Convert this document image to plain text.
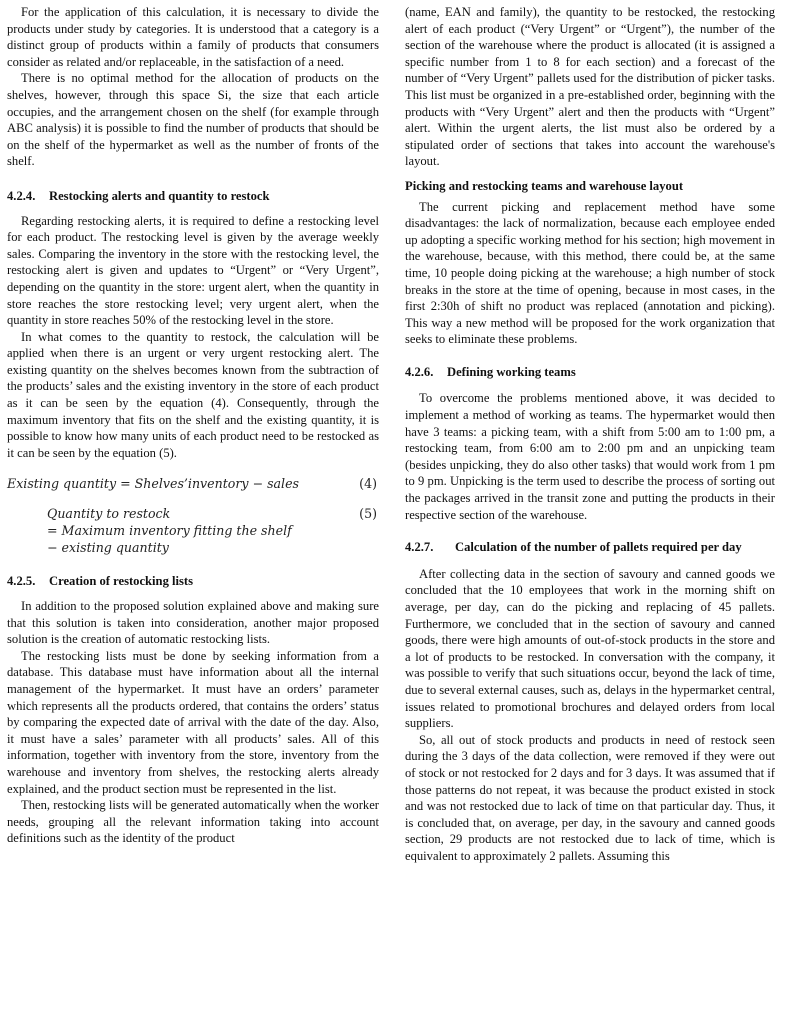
For the application of this calculation, it is necessary to divide the products under study by categories. It is understood that a category is a distinct group of products within a family of products that consumers consider as related and/or replaceable, in the satisfaction of a need.

There is no optimal method for the allocation of products on the shelves, however, through this space Si, the size that each article occupies, and the arrangement chosen on the shelf (for example through ABC analysis) it is possible to find the number of products that should be on the shelf of the hypermarket as well as the number of fronts of the shelf.

4.2.4. Restocking alerts and quantity to restock

Regarding restocking alerts, it is required to define a restocking level for each product. The restocking level is given by the average weekly sales. Comparing the inventory in the store with the restocking level, the restocking alert is given and updates to “Urgent” or “Very Urgent”, depending on the quantity in the store: urgent alert, when the quantity in store reaches the store restocking level; very urgent alert, when the quantity in store reaches 50% of the restocking level in the store.

In what comes to the quantity to restock, the calculation will be applied when there is an urgent or very urgent restocking alert. The existing quantity on the shelves becomes known from the subtraction of the products’ sales and the existing inventory in the store of each product as it can be seen by the equation (4). Consequently, through the maximum inventory that fits on the shelf and the existing quantity, it is possible to know how many units of each product need to be restocked as it can be seen by the equation (5).

Existing quantity = Shelves’inventory − sales	(4)
Quantity to restock
= Maximum inventory fitting the shelf
− existing quantity
(5)
4.2.5. Creation of restocking lists

In addition to the proposed solution explained above and making sure that this solution is taken into consideration, another major proposed solution is the creation of automatic restocking lists.

The restocking lists must be done by seeking information from a database. This database must have information about all the internal management of the hypermarket. It must have an orders’ parameter which represents all the products ordered, that contains the orders’ status by comparing the expected date of arrival with the date of the day. Also, it must have a sales’ parameter with all products’ sales. All of this information, together with inventory from the store, inventory from the warehouse and inventory from shelves, the restocking alerts already explained, and the product section must be represented in the list.

Then, restocking lists will be generated automatically when the worker needs, grouping all the relevant information taking into account definitions such as the identity of the product

(name, EAN and family), the quantity to be restocked, the restocking alert of each product (“Very Urgent” or “Urgent”), the number of the section of the warehouse where the product is allocated (it is assigned a specific number from 1 to 8 for each section) and a forecast of the number of “Very Urgent” pallets used for the distribution of picker tasks. This list must be organized in a pre-established order, beginning with the products with “Very Urgent” alert and then the products with “Urgent” alert. Within the urgent alerts, the list must also be ordered by a stipulated order of sections that takes into account the warehouse's layout.

Picking and restocking teams and warehouse layout

The current picking and replacement method have some disadvantages: the lack of normalization, because each employee ended up adopting a specific working method for his section; high movement in the warehouse, because, with this method, there could be, at the same time, 10 people doing picking at the warehouse; a high number of stock breaks in the store at the time of opening, because in most cases, in the first 2:30h of shift no product was replaced (annotation and picking). This way a new method will be proposed for the work organization that seeks to eliminate these problems.

4.2.6. Defining working teams

To overcome the problems mentioned above, it was decided to implement a method of working as teams. The hypermarket would then have 3 teams: a picking team, with a shift from 5:00 am to 1:00 pm, a restocking team, from 6:00 am to 2:00 pm and an unpicking team (besides unpicking, they do also other tasks) that would work from 1 pm to 9 pm. Unpicking is the term used to describe the process of sorting out the packages arrived in the transit zone and putting the products in their respective section of the warehouse.

4.2.7.	Calculation of the number of pallets required per day

After collecting data in the section of savoury and canned goods we concluded that the 10 employees that work in the morning shift on average, per day, can do the picking and replacing of 45 pallets. Furthermore, we concluded that in the section of savoury and canned goods, there were high amounts of out-of-stock products in the store and a lot of products to be restocked. In conversation with the company, it was possible to verify that such situations occur, beyond the lack of time, due to several external causes, such as, delays in the hypermarket central, issues related to promotional brochures and delayed orders from local suppliers.

So, all out of stock products and products in need of restock seen during the 3 days of the data collection, were removed if they were out of stock or not restocked for 2 days and for 3 days. It was assumed that if those patterns do not repeat, it was because the product existed in stock and was not restocked due to lack of time on that particular day. Thus, it is concluded that, on average, per day, in the savoury and canned goods section, 29 products are not restocked due to lack of time, which is equivalent to approximately 2 pallets. Assuming this
